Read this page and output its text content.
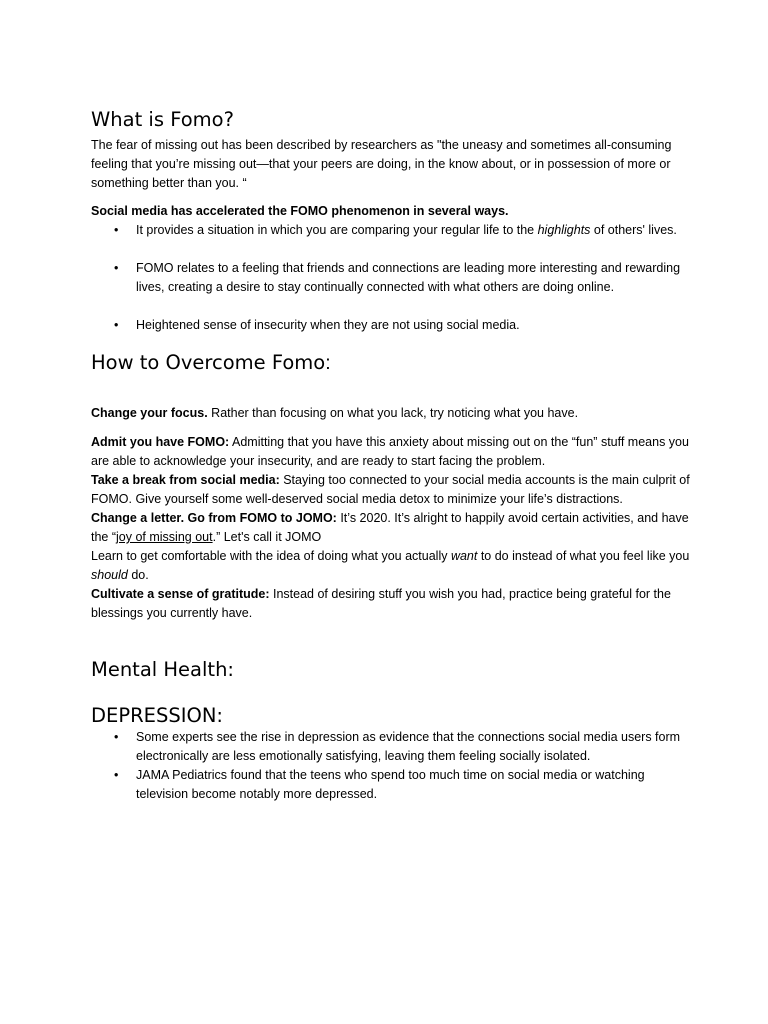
What is Fomo?

The fear of missing out has been described by researchers as "the uneasy and sometimes all-consuming feeling that you’re missing out—that your peers are doing, in the know about, or in possession of more or something better than you. “

Social media has accelerated the FOMO phenomenon in several ways.

• It provides a situation in which you are comparing your regular life to the highlights of others' lives.
• FOMO relates to a feeling that friends and connections are leading more interesting and rewarding lives, creating a desire to stay continually connected with what others are doing online.
• Heightened sense of insecurity when they are not using social media.
How to Overcome Fomo:

Change your focus. Rather than focusing on what you lack, try noticing what you have.

Admit you have FOMO: Admitting that you have this anxiety about missing out on the “fun” stuff means you are able to acknowledge your insecurity, and are ready to start facing the problem.

Take a break from social media: Staying too connected to your social media accounts is the main culprit of FOMO. Give yourself some well-deserved social media detox to minimize your life’s distractions.

Change a letter. Go from FOMO to JOMO: It’s 2020. It’s alright to happily avoid certain activities, and have the “joy of missing out.” Let's call it JOMO

Learn to get comfortable with the idea of doing what you actually want to do instead of what you feel like you should do.

Cultivate a sense of gratitude: Instead of desiring stuff you wish you had, practice being grateful for the blessings you currently have.

Mental Health:
DEPRESSION:
• Some experts see the rise in depression as evidence that the connections social media users form electronically are less emotionally satisfying, leaving them feeling socially isolated.
• JAMA Pediatrics found that the teens who spend too much time on social media or watching television become notably more depressed.
